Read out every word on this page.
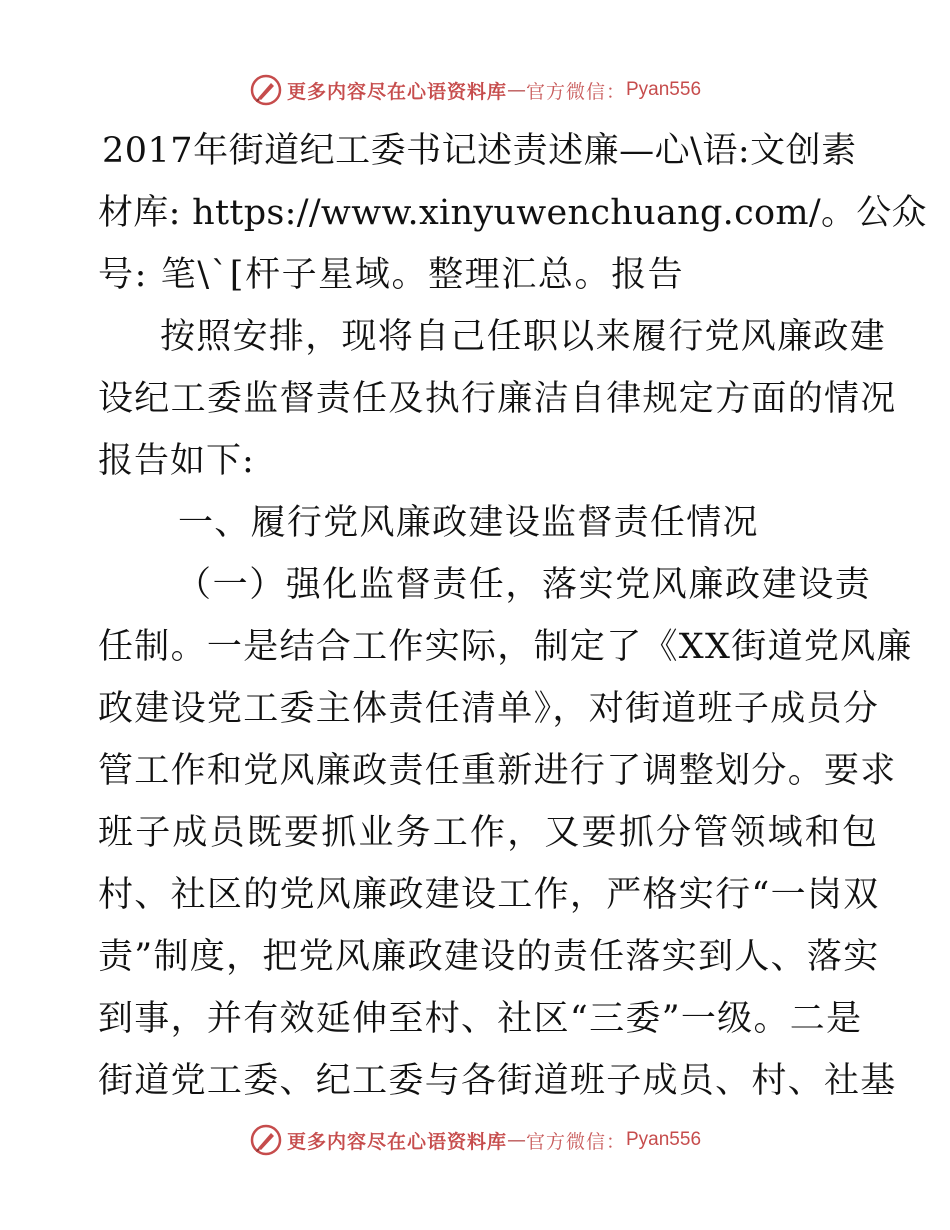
更多内容尽在心语资料库 — 官方微信： Pyan556
2017年街道纪工委书记述责述廉—心\语:文创素
材库: https://www.xinyuwenchuang.com/。公众
号: 笔\`[杆子星域。整理汇总。报告
按照安排，现将自己任职以来履行党风廉政建
设纪工委监督责任及执行廉洁自律规定方面的情况
报告如下:
一、履行党风廉政建设监督责任情况
（一）强化监督责任，落实党风廉政建设责
任制。一是结合工作实际，制定了《XX街道党风廉
政建设党工委主体责任清单》，对街道班子成员分
管工作和党风廉政责任重新进行了调整划分。要求
班子成员既要抓业务工作，又要抓分管领域和包
村、社区的党风廉政建设工作，严格实行“一岗双
责”制度，把党风廉政建设的责任落实到人、落实
到事，并有效延伸至村、社区“三委”一级。二是
街道党工委、纪工委与各街道班子成员、村、社基
更多内容尽在心语资料库 — 官方微信： Pyan556
